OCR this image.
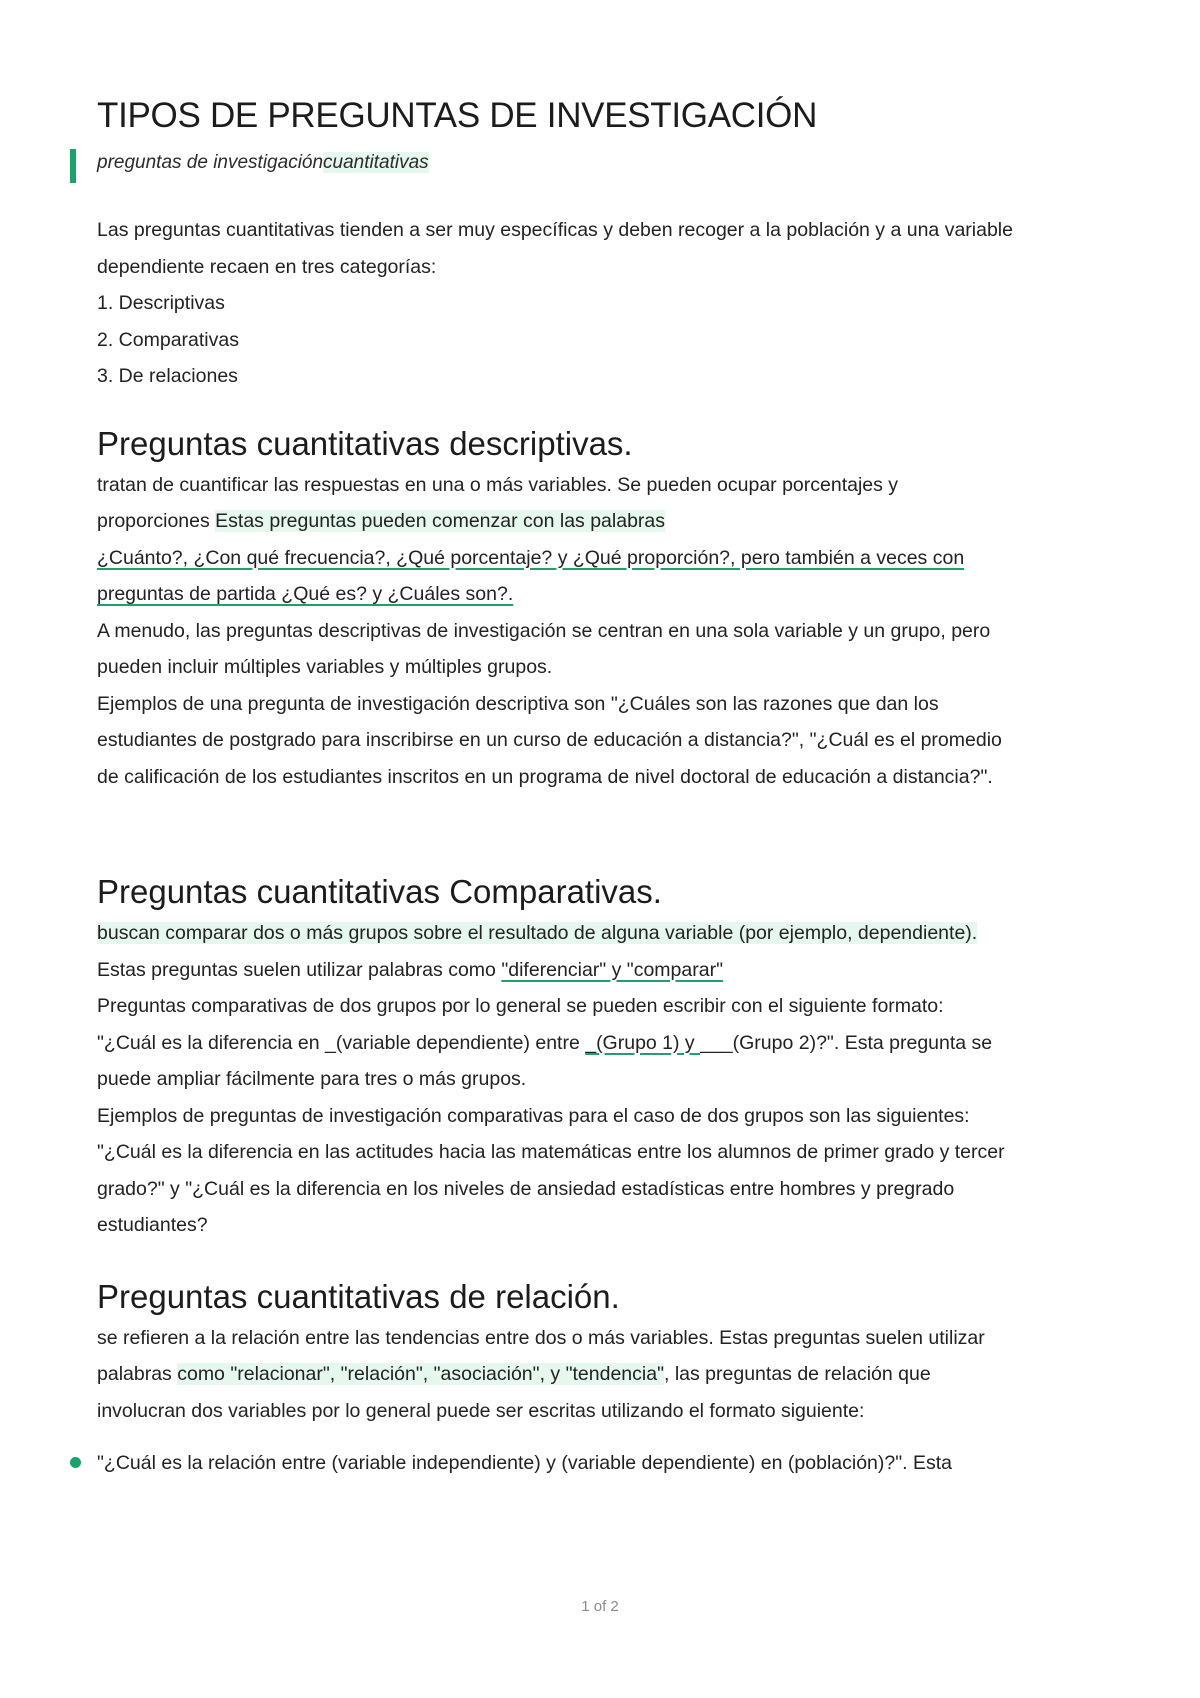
TIPOS DE PREGUNTAS DE INVESTIGACIÓN
preguntas de investigacióncuantitativas

Las preguntas cuantitativas tienden a ser muy específicas y deben recoger a la población y a una variable

dependiente recaen en tres categorías:

1. Descriptivas

2. Comparativas

3. De relaciones

Preguntas cuantitativas descriptivas.

tratan de cuantificar las respuestas en una o más variables. Se pueden ocupar porcentajes y

proporciones Estas preguntas pueden comenzar con las palabras

¿Cuánto?, ¿Con qué frecuencia?, ¿Qué porcentaje? y ¿Qué proporción?, pero también a veces con

preguntas de partida ¿Qué es? y ¿Cuáles son?.

A menudo, las preguntas descriptivas de investigación se centran en una sola variable y un grupo, pero

pueden incluir múltiples variables y múltiples grupos.

Ejemplos de una pregunta de investigación descriptiva son "¿Cuáles son las razones que dan los

estudiantes de postgrado para inscribirse en un curso de educación a distancia?", "¿Cuál es el promedio

de calificación de los estudiantes inscritos en un programa de nivel doctoral de educación a distancia?".

Preguntas cuantitativas Comparativas.

buscan comparar dos o más grupos sobre el resultado de alguna variable (por ejemplo, dependiente).

Estas preguntas suelen utilizar palabras como "diferenciar" y "comparar"

Preguntas comparativas de dos grupos por lo general se pueden escribir con el siguiente formato:

"¿Cuál es la diferencia en _(variable dependiente) entre _(Grupo 1) y ___(Grupo 2)?". Esta pregunta se

puede ampliar fácilmente para tres o más grupos.

Ejemplos de preguntas de investigación comparativas para el caso de dos grupos son las siguientes:

"¿Cuál es la diferencia en las actitudes hacia las matemáticas entre los alumnos de primer grado y tercer

grado?" y "¿Cuál es la diferencia en los niveles de ansiedad estadísticas entre hombres y pregrado

estudiantes?

Preguntas cuantitativas de relación.

se refieren a la relación entre las tendencias entre dos o más variables. Estas preguntas suelen utilizar

palabras como "relacionar", "relación", "asociación", y "tendencia", las preguntas de relación que

involucran dos variables por lo general puede ser escritas utilizando el formato siguiente:

"¿Cuál es la relación entre (variable independiente) y (variable dependiente) en (población)?". Esta

1 of 2
